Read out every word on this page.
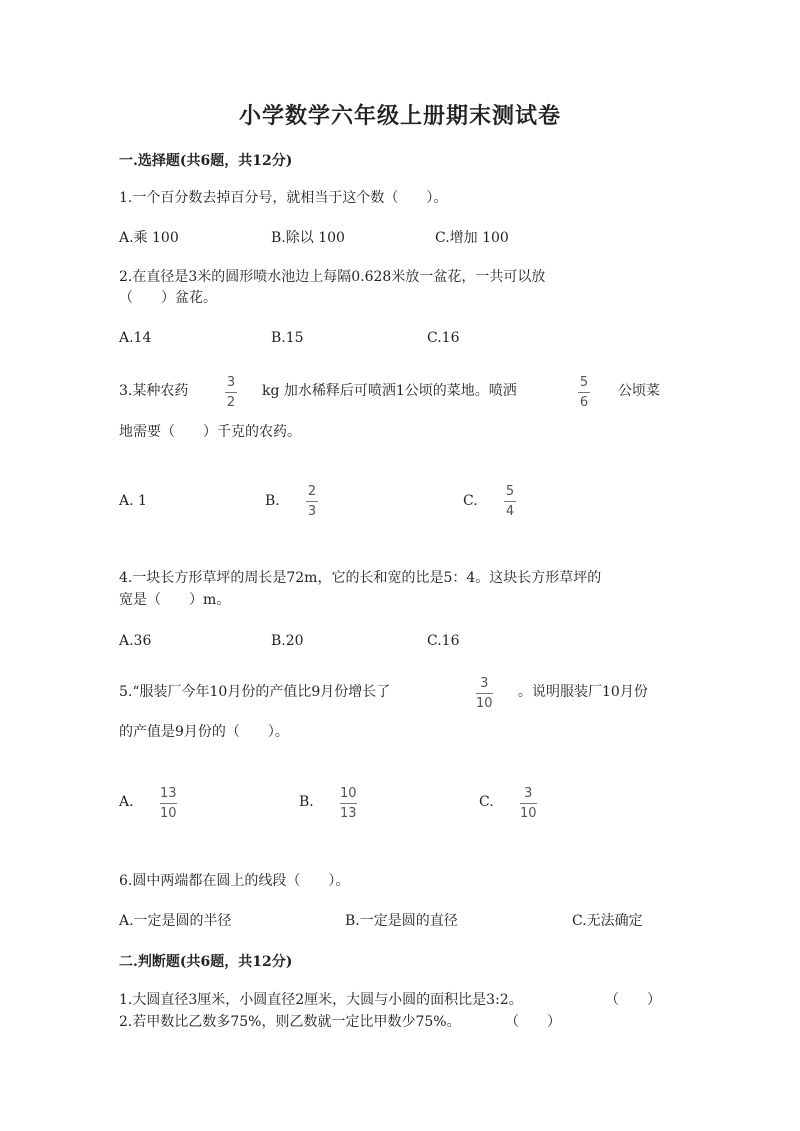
小学数学六年级上册期末测试卷
一.选择题(共6题，共12分)
1.一个百分数去掉百分号，就相当于这个数（　　）。
A.乘 100	B.除以 100	C.增加 100
2.在直径是3米的圆形喷水池边上每隔0.628米放一盆花，一共可以放
（　　）盆花。
A.14	B.15	C.16
3.某种农药
3
2
kg 加水稀释后可喷洒1公顷的菜地。喷洒
5
6
公顷菜
地需要（　　）千克的农药。
A. 1	B.
2
3
C.
5
4
4.一块长方形草坪的周长是72m，它的长和宽的比是5：4。这块长方形草坪的
宽是（　　）m。
A.36	B.20	C.16
5.“服装厂今年10月份的产值比9月份增长了
3
10
。说明服装厂10月份
的产值是9月份的（　　）。
A.
13
10
B.
10
13
C.
3
10
6.圆中两端都在圆上的线段（　　）。
A.一定是圆的半径	B.一定是圆的直径	C.无法确定
二.判断题(共6题，共12分)
1.大圆直径3厘米，小圆直径2厘米，大圆与小圆的面积比是3:2。	（　　）
2.若甲数比乙数多75%，则乙数就一定比甲数少75%。	（　　）
